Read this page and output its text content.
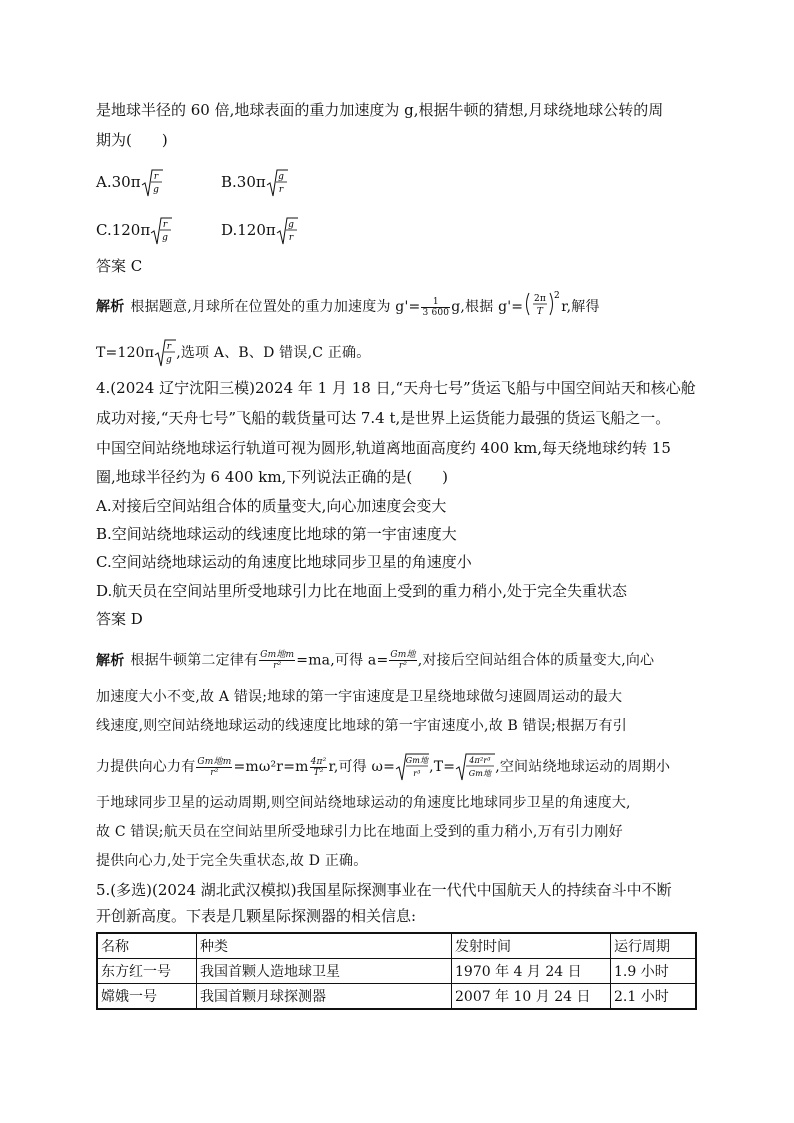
是地球半径的 60 倍,地球表面的重力加速度为 g,根据牛顿的猜想,月球绕地球公转的周
期为(　　)
A.30π r
g	B.30π g
r
C.120π r
g	D.120π g
r
答案 C
解析 根据题意,月球所在位置处的重力加速度为 $g'= \frac{1}{3 600} g$,根据 g'= 2π
T
2
r,解得
T=120π r
g ,选项 A、B、D 错误,C 正确。
4.(2024 辽宁沈阳三模)2024 年 1 月 18 日,“天舟七号”货运飞船与中国空间站天和核心舱
成功对接,“天舟七号”飞船的载货量可达 7.4 t,是世界上运货能力最强的货运飞船之一。
中国空间站绕地球运行轨道可视为圆形,轨道离地面高度约 400 km,每天绕地球约转 15
圈,地球半径约为 6 400 km,下列说法正确的是(　　)
A.对接后空间站组合体的质量变大,向心加速度会变大
B.空间站绕地球运动的线速度比地球的第一宇宙速度大
C.空间站绕地球运动的角速度比地球同步卫星的角速度小
D.航天员在空间站里所受地球引力比在地面上受到的重力稍小,处于完全失重状态
答案 D
解析 根据牛顿第二定律有 $\frac{\text{Gm地m}}{\text{r²}} =ma$,可得 $a= \frac{\text{Gm地}}{\text{r²}}$ ,对接后空间站组合体的质量变大,向心
加速度大小不变,故 A 错误;地球的第一宇宙速度是卫星绕地球做匀速圆周运动的最大
线速度,则空间站绕地球运动的线速度比地球的第一宇宙速度小,故 B 错误;根据万有引
力提供向心力有 $\frac{\text{Gm地m}}{\text{r²}} =m\omega^2r=m \frac{\text{4π²}}{\text{T²}} r$,可得 ω= Gm地
r³ ,T= 4π²r³
Gm地 ,空间站绕地球运动的周期小
于地球同步卫星的运动周期,则空间站绕地球运动的角速度比地球同步卫星的角速度大,
故 C 错误;航天员在空间站里所受地球引力比在地面上受到的重力稍小,万有引力刚好
提供向心力,处于完全失重状态,故 D 正确。
5.(多选)(2024 湖北武汉模拟)我国星际探测事业在一代代中国航天人的持续奋斗中不断
开创新高度。下表是几颗星际探测器的相关信息:
名称	种类	发射时间	运行周期
东方红一号	我国首颗人造地球卫星	1970 年 4 月 24 日	1.9 小时
嫦娥一号	我国首颗月球探测器	2007 年 10 月 24 日	2.1 小时
